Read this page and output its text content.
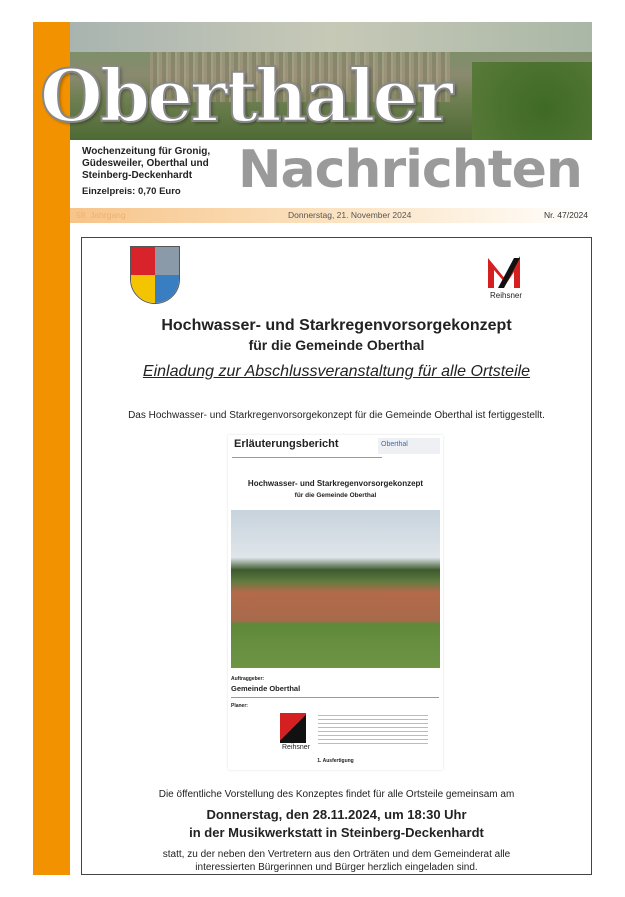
Oberthaler
Wochenzeitung für Gronig, Güdesweiler, Oberthal und Steinberg-Deckenhardt
Einzelpreis: 0,70 Euro	Nachrichten
58. Jahrgang	Donnerstag, 21. November 2024	Nr. 47/2024
Reihsner
Hochwasser- und Starkregenvorsorgekonzept
für die Gemeinde Oberthal
Einladung zur Abschlussveranstaltung für alle Ortsteile
Das Hochwasser- und Starkregenvorsorgekonzept für die Gemeinde Oberthal ist fertiggestellt.
Erläuterungsbericht	Oberthal
Hochwasser- und Starkregenvorsorgekonzept
für die Gemeinde Oberthal
Auftraggeber:
Gemeinde Oberthal
Planer:
Reihsner
1. Ausfertigung
Die öffentliche Vorstellung des Konzeptes findet für alle Ortsteile gemeinsam am
Donnerstag, den 28.11.2024, um 18:30 Uhr
in der Musikwerkstatt in Steinberg-Deckenhardt
statt, zu der neben den Vertretern aus den Orträten und dem Gemeinderat alle
interessierten Bürgerinnen und Bürger herzlich eingeladen sind.
